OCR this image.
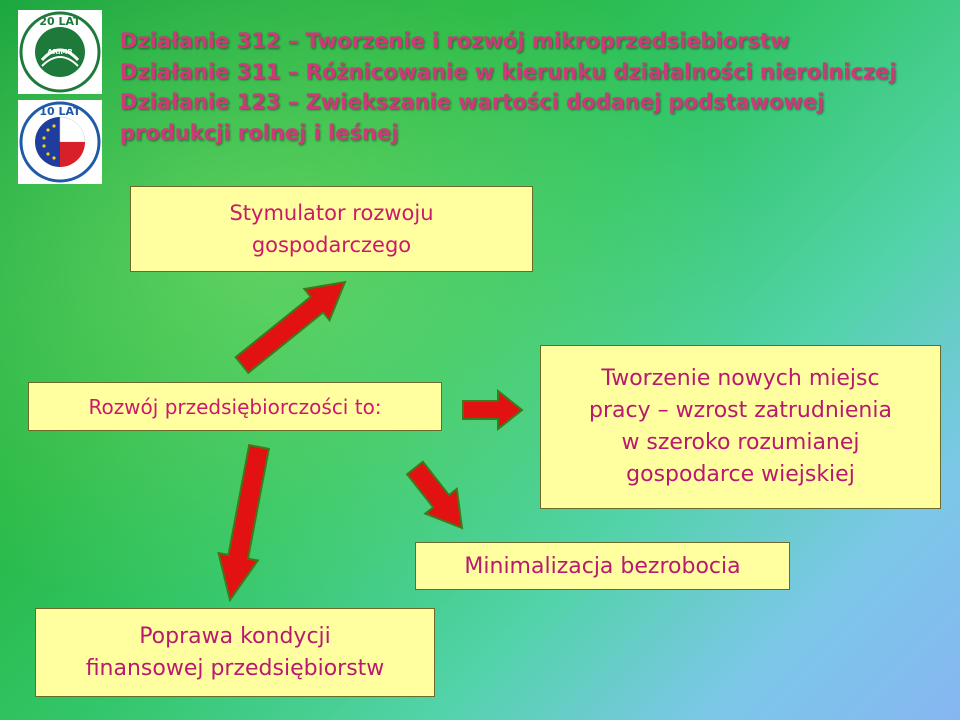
20 LAT
ARiMR
10 LAT
Działanie 312 – Tworzenie i rozwój mikroprzedsiebiorstw
Działanie 311 – Różnicowanie w kierunku działalności nierolniczej
Działanie 123 – Zwiekszanie wartości dodanej podstawowej
produkcji rolnej i leśnej
Stymulator rozwoju
gospodarczego
Rozwój przedsiębiorczości to:
Tworzenie nowych miejsc
pracy – wzrost zatrudnienia
w szeroko rozumianej
gospodarce wiejskiej
Minimalizacja bezrobocia
Poprawa kondycji
finansowej przedsiębiorstw
